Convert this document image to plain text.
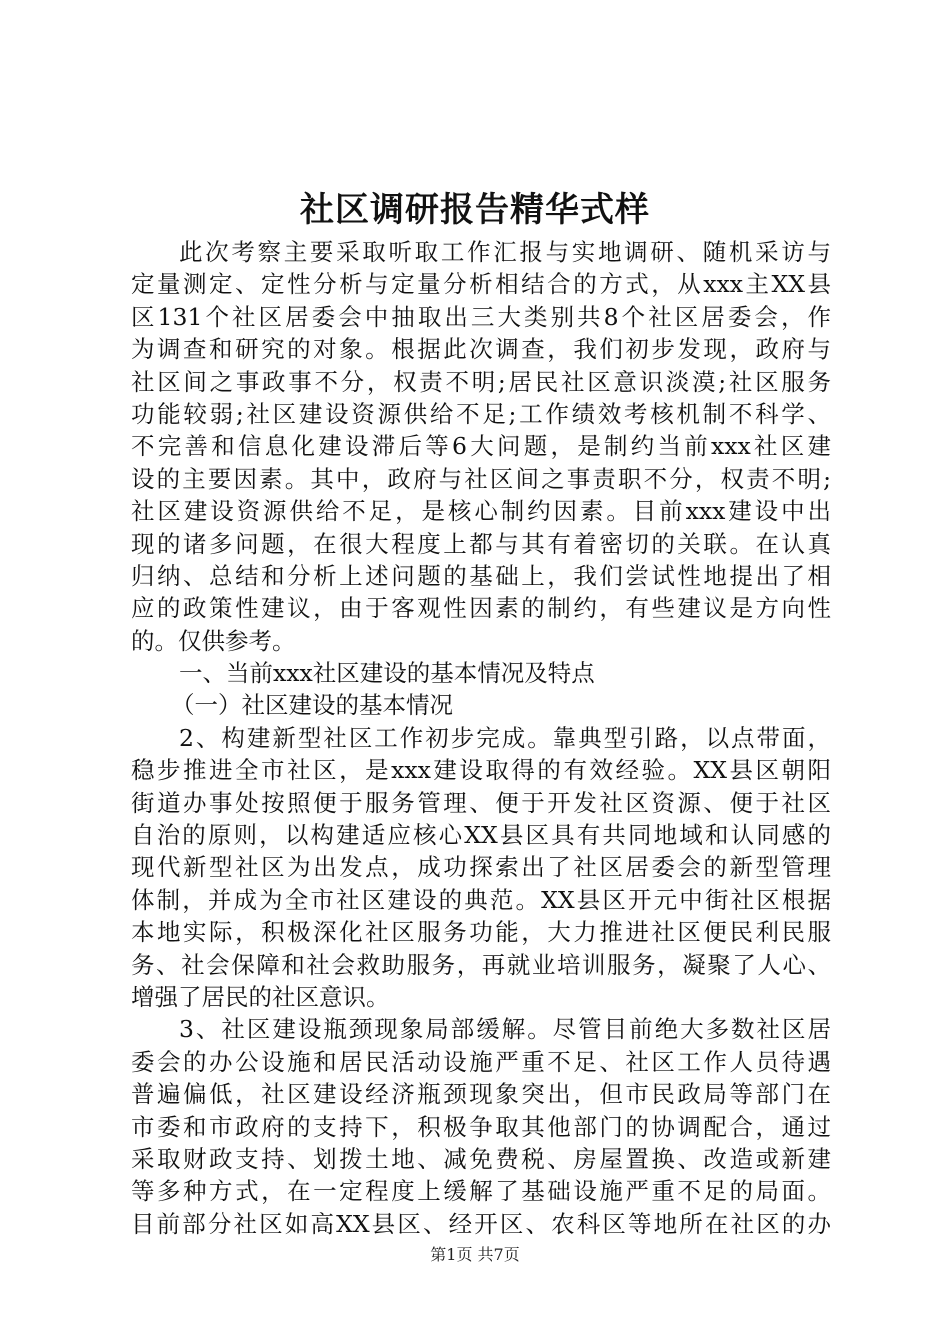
社区调研报告精华式样
此次考察主要采取听取工作汇报与实地调研、随机采访与
定量测定、定性分析与定量分析相结合的方式，从xxx主XX县
区131个社区居委会中抽取出三大类别共8个社区居委会，作
为调查和研究的对象。根据此次调查，我们初步发现，政府与
社区间之事政事不分，权责不明;居民社区意识淡漠;社区服务
功能较弱;社区建设资源供给不足;工作绩效考核机制不科学、
不完善和信息化建设滞后等6大问题，是制约当前xxx社区建
设的主要因素。其中，政府与社区间之事责职不分，权责不明;
社区建设资源供给不足，是核心制约因素。目前xxx建设中出
现的诸多问题，在很大程度上都与其有着密切的关联。在认真
归纳、总结和分析上述问题的基础上，我们尝试性地提出了相
应的政策性建议，由于客观性因素的制约，有些建议是方向性
的。仅供参考。
一、当前xxx社区建设的基本情况及特点
（一）社区建设的基本情况
2、构建新型社区工作初步完成。靠典型引路，以点带面，
稳步推进全市社区，是xxx建设取得的有效经验。XX县区朝阳
街道办事处按照便于服务管理、便于开发社区资源、便于社区
自治的原则，以构建适应核心XX县区具有共同地域和认同感的
现代新型社区为出发点，成功探索出了社区居委会的新型管理
体制，并成为全市社区建设的典范。XX县区开元中街社区根据
本地实际，积极深化社区服务功能，大力推进社区便民利民服
务、社会保障和社会救助服务，再就业培训服务，凝聚了人心、
增强了居民的社区意识。
3、社区建设瓶颈现象局部缓解。尽管目前绝大多数社区居
委会的办公设施和居民活动设施严重不足、社区工作人员待遇
普遍偏低，社区建设经济瓶颈现象突出，但市民政局等部门在
市委和市政府的支持下，积极争取其他部门的协调配合，通过
采取财政支持、划拨土地、减免费税、房屋置换、改造或新建
等多种方式，在一定程度上缓解了基础设施严重不足的局面。
目前部分社区如高XX县区、经开区、农科区等地所在社区的办
第1页 共7页
